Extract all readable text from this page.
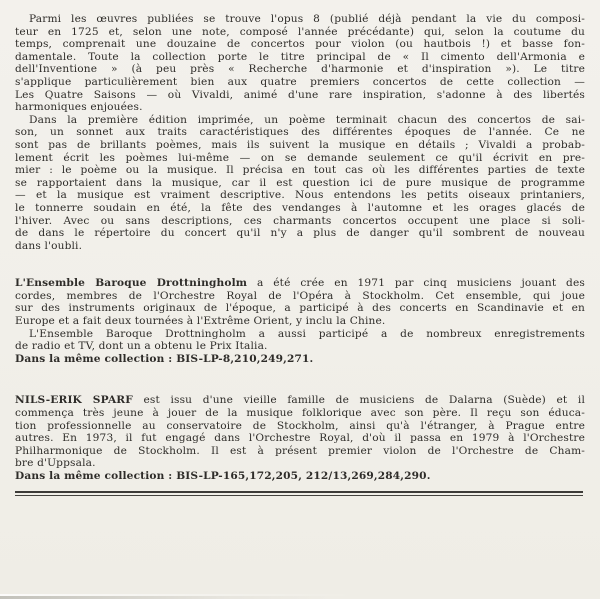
Parmi les œuvres publiées se trouve l'opus 8 (publié déjà pendant la vie du composi-
teur en 1725 et, selon une note, composé l'année précédante) qui, selon la coutume du
temps, comprenait une douzaine de concertos pour violon (ou hautbois !) et basse fon-
damentale. Toute la collection porte le titre principal de « Il cimento dell'Armonia e
dell'Inventione » (à peu près « Recherche d'harmonie et d'inspiration »). Le titre
s'applique particulièrement bien aux quatre premiers concertos de cette collection —
Les Quatre Saisons — où Vivaldi, animé d'une rare inspiration, s'adonne à des libertés
harmoniques enjouées.
Dans la première édition imprimée, un poème terminait chacun des concertos de sai-
son, un sonnet aux traits caractéristiques des différentes époques de l'année. Ce ne
sont pas de brillants poèmes, mais ils suivent la musique en détails ; Vivaldi a probab-
lement écrit les poèmes lui-même — on se demande seulement ce qu'il écrivit en pre-
mier : le poème ou la musique. Il précisa en tout cas où les différentes parties de texte
se rapportaient dans la musique, car il est question ici de pure musique de programme
— et la musique est vraiment descriptive. Nous entendons les petits oiseaux printaniers,
le tonnerre soudain en été, la fête des vendanges à l'automne et les orages glacés de
l'hiver. Avec ou sans descriptions, ces charmants concertos occupent une place si soli-
de dans le répertoire du concert qu'il n'y a plus de danger qu'il sombrent de nouveau
dans l'oubli.
L'Ensemble Baroque Drottningholm a été crée en 1971 par cinq musiciens jouant des
cordes, membres de l'Orchestre Royal de l'Opéra à Stockholm. Cet ensemble, qui joue
sur des instruments originaux de l'époque, a participé à des concerts en Scandinavie et en
Europe et a fait deux tournées à l'Extrême Orient, y inclu la Chine.
L'Ensemble Baroque Drottningholm a aussi participé a de nombreux enregistrements
de radio et TV, dont un a obtenu le Prix Italia.
Dans la même collection : BIS-LP-8,210,249,271.
NILS-ERIK SPARF est issu d'une vieille famille de musiciens de Dalarna (Suède) et il
commença très jeune à jouer de la musique folklorique avec son père. Il reçu son éduca-
tion professionnelle au conservatoire de Stockholm, ainsi qu'à l'étranger, à Prague entre
autres. En 1973, il fut engagé dans l'Orchestre Royal, d'où il passa en 1979 à l'Orchestre
Philharmonique de Stockholm. Il est à présent premier violon de l'Orchestre de Cham-
bre d'Uppsala.
Dans la même collection : BIS-LP-165,172,205, 212/13,269,284,290.
